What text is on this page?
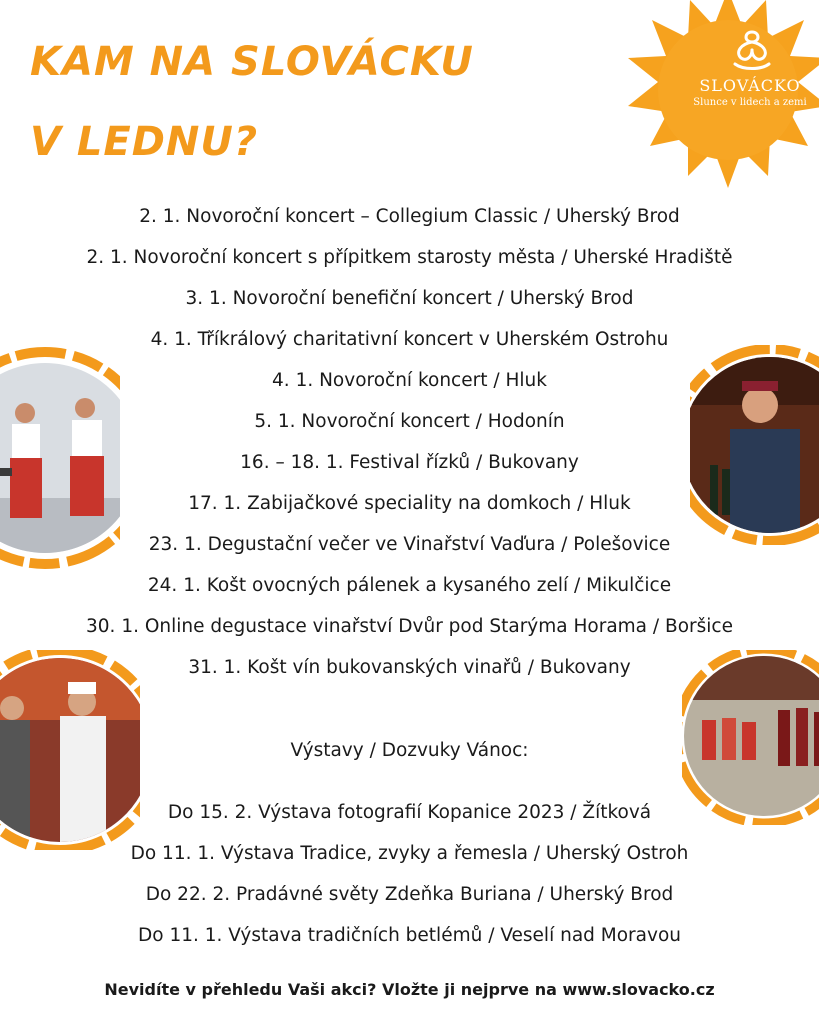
KAM NA SLOVÁCKU
V LEDNU?
SLOVÁCKO
Slunce v lidech a zemi
2. 1. Novoroční koncert – Collegium Classic / Uherský Brod
2. 1. Novoroční koncert s přípitkem starosty města / Uherské Hradiště
3. 1. Novoroční benefiční koncert / Uherský Brod
4. 1. Tříkrálový charitativní koncert v Uherském Ostrohu
4. 1. Novoroční koncert / Hluk
5. 1. Novoroční koncert / Hodonín
16. – 18. 1. Festival řízků / Bukovany
17. 1. Zabijačkové speciality na domkoch / Hluk
23. 1. Degustační večer ve Vinařství Vaďura / Polešovice
24. 1. Košt ovocných pálenek a kysaného zelí / Mikulčice
30. 1. Online degustace vinařství Dvůr pod Starýma Horama / Boršice
31. 1. Košt vín bukovanských vinařů / Bukovany
Výstavy / Dozvuky Vánoc:
Do 15. 2. Výstava fotografií Kopanice 2023 / Žítková
Do 11. 1. Výstava Tradice, zvyky a řemesla / Uherský Ostroh
Do 22. 2. Pradávné světy Zdeňka Buriana / Uherský Brod
Do 11. 1. Výstava tradičních betlémů / Veselí nad Moravou
Nevidíte v přehledu Vaši akci? Vložte ji nejprve na www.slovacko.cz
